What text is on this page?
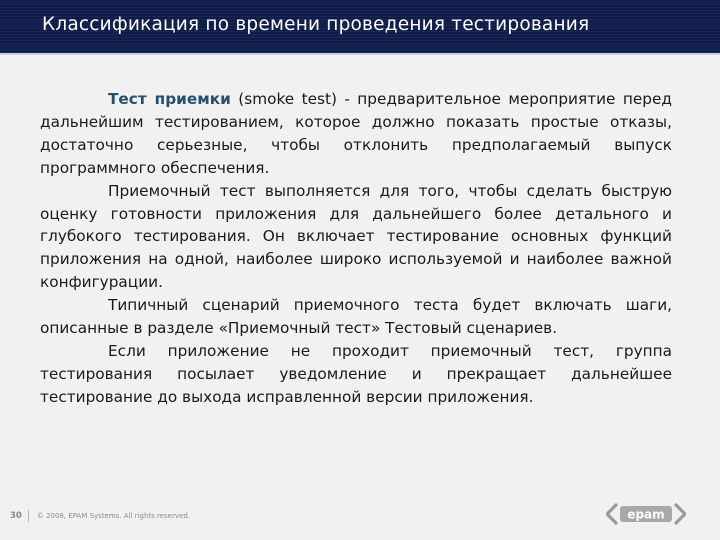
Классификация по времени проведения тестирования

Тест приемки (smoke test) - предварительное мероприятие перед дальнейшим тестированием, которое должно показать простые отказы, достаточно серьезные, чтобы отклонить предполагаемый выпуск программного обеспечения.

Приемочный тест выполняется для того, чтобы сделать быструю оценку готовности приложения для дальнейшего более детального и глубокого тестирования. Он включает тестирование основных функций приложения на одной, наиболее широко используемой и наиболее важной конфигурации.

Типичный сценарий приемочного теста будет включать шаги, описанные в разделе «Приемочный тест» Тестовый сценариев.

Если приложение не проходит приемочный тест, группа тестирования посылает уведомление и прекращает дальнейшее тестирование до выхода исправленной версии приложения.

30 © 2008, EPAM Systems. All rights reserved.	epam
